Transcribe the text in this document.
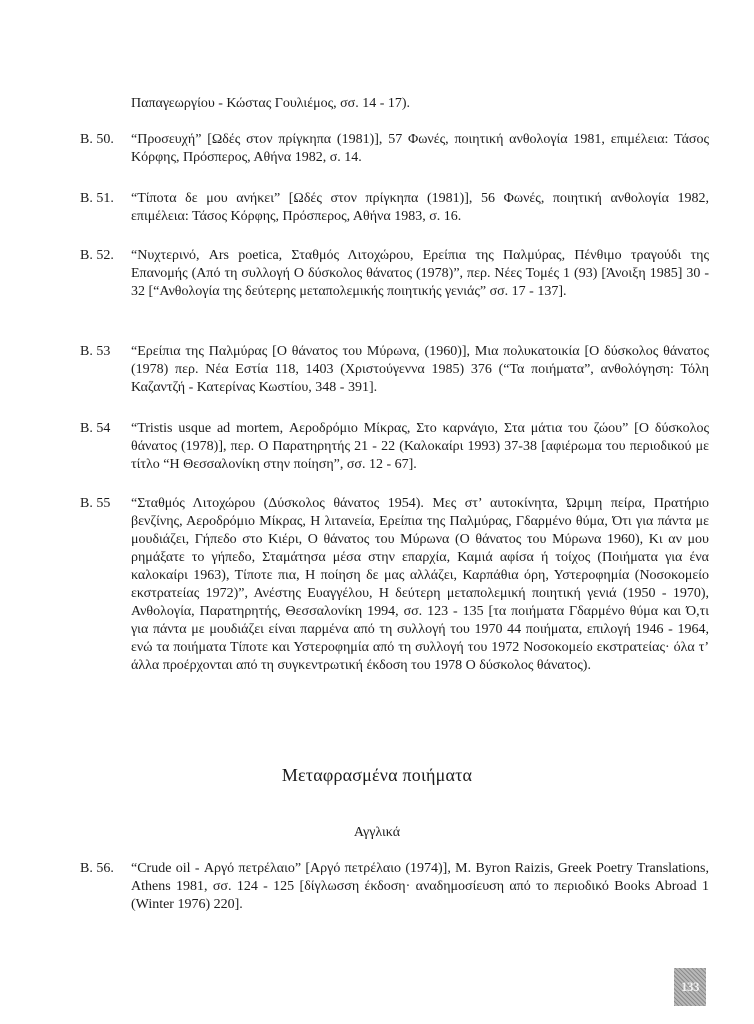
Παπαγεωργίου - Κώστας Γουλιέμος, σσ. 14 - 17).
Β. 50.	“Προσευχή” [Ωδές στον πρίγκηπα (1981)], 57 Φωνές, ποιητική ανθολογία 1981, επιμέλεια: Τάσος Κόρφης, Πρόσπερος, Αθήνα 1982, σ. 14.
Β. 51.	“Τίποτα δε μου ανήκει” [Ωδές στον πρίγκηπα (1981)], 56 Φωνές, ποιητική ανθολογία 1982, επιμέλεια: Τάσος Κόρφης, Πρόσπερος, Αθήνα 1983, σ. 16.
Β. 52.	“Νυχτερινό, Ars poetica, Σταθμός Λιτοχώρου, Ερείπια της Παλμύρας, Πένθιμο τραγούδι της Επανομής (Από τη συλλογή Ο δύσκολος θάνατος (1978)”, περ. Νέες Τομές 1 (93) [Άνοιξη 1985] 30 - 32 [“Ανθολογία της δεύτερης μεταπολεμικής ποιητικής γενιάς” σσ. 17 - 137].
Β. 53	“Ερείπια της Παλμύρας [Ο θάνατος του Μύρωνα, (1960)], Μια πολυκατοικία [Ο δύσκολος θάνατος (1978) περ. Νέα Εστία 118, 1403 (Χριστούγεννα 1985) 376 (“Τα ποιήματα”, ανθολόγηση: Τόλη Καζαντζή - Κατερίνας Κωστίου, 348 - 391].
Β. 54	“Tristis usque ad mortem, Αεροδρόμιο Μίκρας, Στο καρνάγιο, Στα μάτια του ζώου” [Ο δύσκολος θάνατος (1978)], περ. Ο Παρατηρητής 21 - 22 (Καλοκαίρι 1993) 37-38 [αφιέρωμα του περιοδικού με τίτλο “Η Θεσσαλονίκη στην ποίηση”, σσ. 12 - 67].
Β. 55	“Σταθμός Λιτοχώρου (Δύσκολος θάνατος 1954). Μες στ’ αυτοκίνητα, Ώριμη πείρα, Πρατήριο βενζίνης, Αεροδρόμιο Μίκρας, Η λιτανεία, Ερείπια της Παλμύρας, Γδαρμένο θύμα, Ότι για πάντα με μουδιάζει, Γήπεδο στο Κιέρι, Ο θάνατος του Μύρωνα (Ο θάνατος του Μύρωνα 1960), Κι αν μου ρημάξατε το γήπεδο, Σταμάτησα μέσα στην επαρχία, Καμιά αφίσα ή τοίχος (Ποιήματα για ένα καλοκαίρι 1963), Τίποτε πια, Η ποίηση δε μας αλλάζει, Καρπάθια όρη, Υστεροφημία (Νοσοκομείο εκστρατείας 1972)”, Ανέστης Ευαγγέλου, Η δεύτερη μεταπολεμική ποιητική γενιά (1950 - 1970), Ανθολογία, Παρατηρητής, Θεσσαλονίκη 1994, σσ. 123 - 135 [τα ποιήματα Γδαρμένο θύμα και Ό,τι για πάντα με μουδιάζει είναι παρμένα από τη συλλογή του 1970 44 ποιήματα, επιλογή 1946 - 1964, ενώ τα ποιήματα Τίποτε και Υστεροφημία από τη συλλογή του 1972 Νοσοκομείο εκστρατείας· όλα τ’ άλλα προέρχονται από τη συγκεντρωτική έκδοση του 1978 Ο δύσκολος θάνατος).
Μεταφρασμένα ποιήματα
Αγγλικά
Β. 56.	“Crude oil - Αργό πετρέλαιο” [Αργό πετρέλαιο (1974)], M. Byron Raizis, Greek Poetry Translations, Athens 1981, σσ. 124 - 125 [δίγλωσση έκδοση· αναδημοσίευση από το περιοδικό Books Abroad 1 (Winter 1976) 220].
133
